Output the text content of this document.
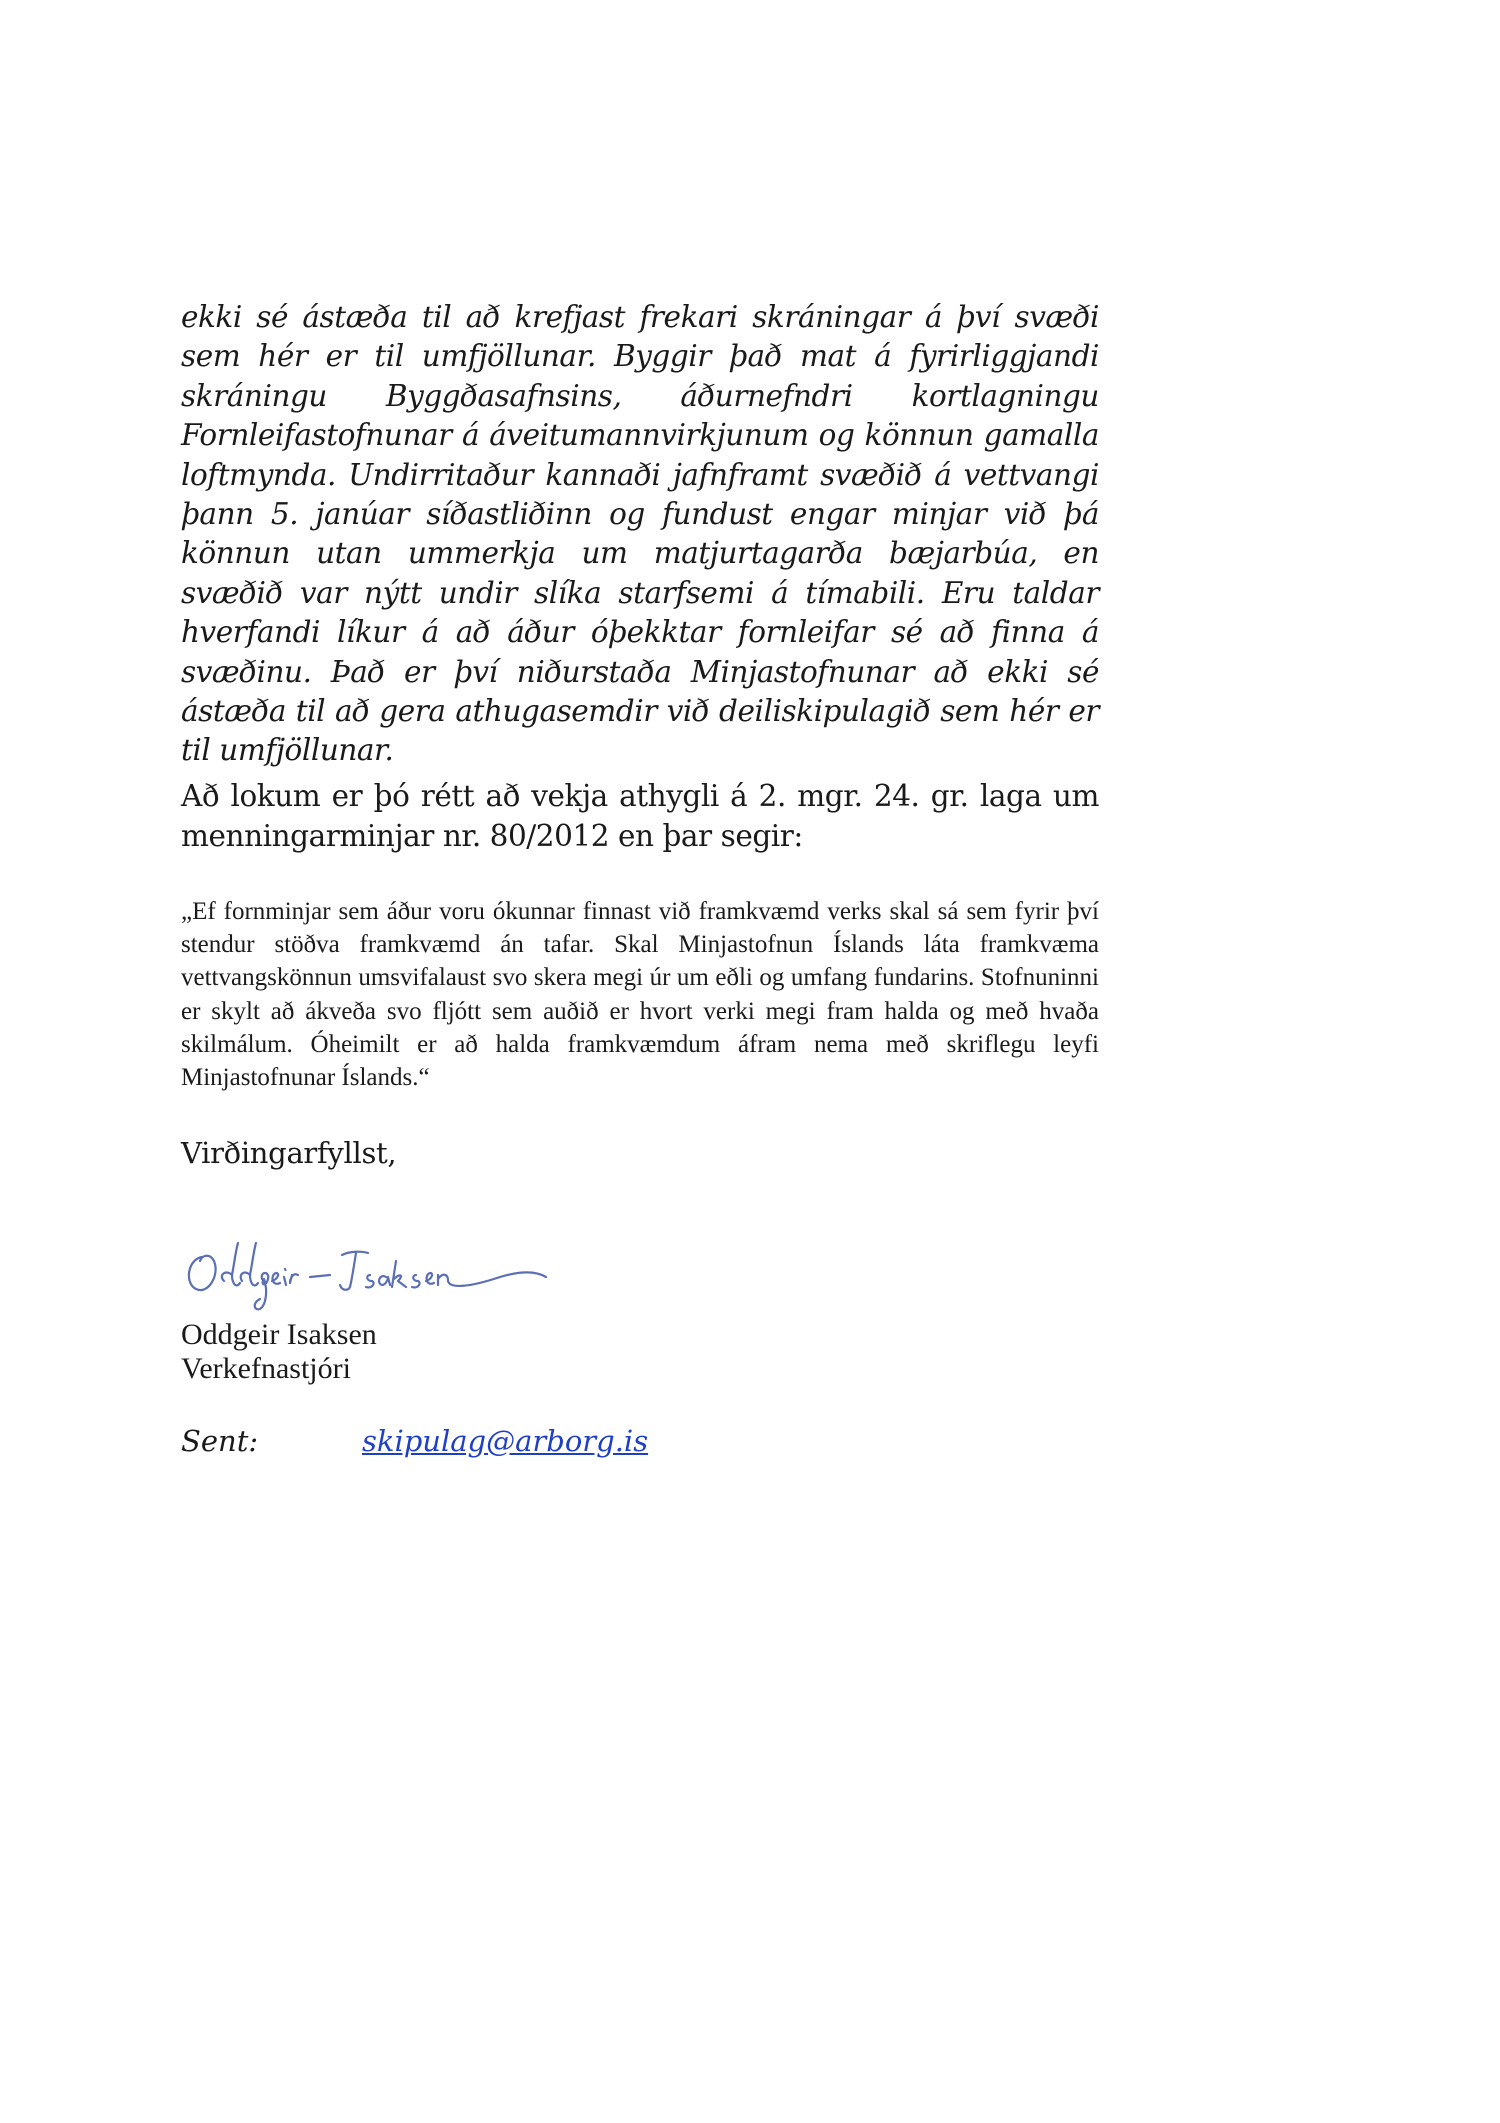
ekki sé ástæða til að krefjast frekari skráningar á því svæði sem hér er til umfjöllunar. Byggir það mat á fyrirliggjandi skráningu Byggðasafnsins, áðurnefndri kortlagningu Fornleifastofnunar á áveitumannvirkjunum og könnun gamalla loftmynda. Undirritaður kannaði jafnframt svæðið á vettvangi þann 5. janúar síðastliðinn og fundust engar minjar við þá könnun utan ummerkja um matjurtagarða bæjarbúa, en svæðið var nýtt undir slíka starfsemi á tímabili. Eru taldar hverfandi líkur á að áður óþekktar fornleifar sé að finna á svæðinu. Það er því niðurstaða Minjastofnunar að ekki sé ástæða til að gera athugasemdir við deiliskipulagið sem hér er til umfjöllunar.

Að lokum er þó rétt að vekja athygli á 2. mgr. 24. gr. laga um menningarminjar nr. 80/2012 en þar segir:

„Ef fornminjar sem áður voru ókunnar finnast við framkvæmd verks skal sá sem fyrir því stendur stöðva framkvæmd án tafar. Skal Minjastofnun Íslands láta framkvæma vettvangskönnun umsvifalaust svo skera megi úr um eðli og umfang fundarins. Stofnuninni er skylt að ákveða svo fljótt sem auðið er hvort verki megi fram halda og með hvaða skilmálum. Óheimilt er að halda framkvæmdum áfram nema með skriflegu leyfi Minjastofnunar Íslands.“

Virðingarfyllst,

Oddgeir Isaksen

Oddgeir Isaksen

Verkefnastjóri

Sent:	skipulag@arborg.is
